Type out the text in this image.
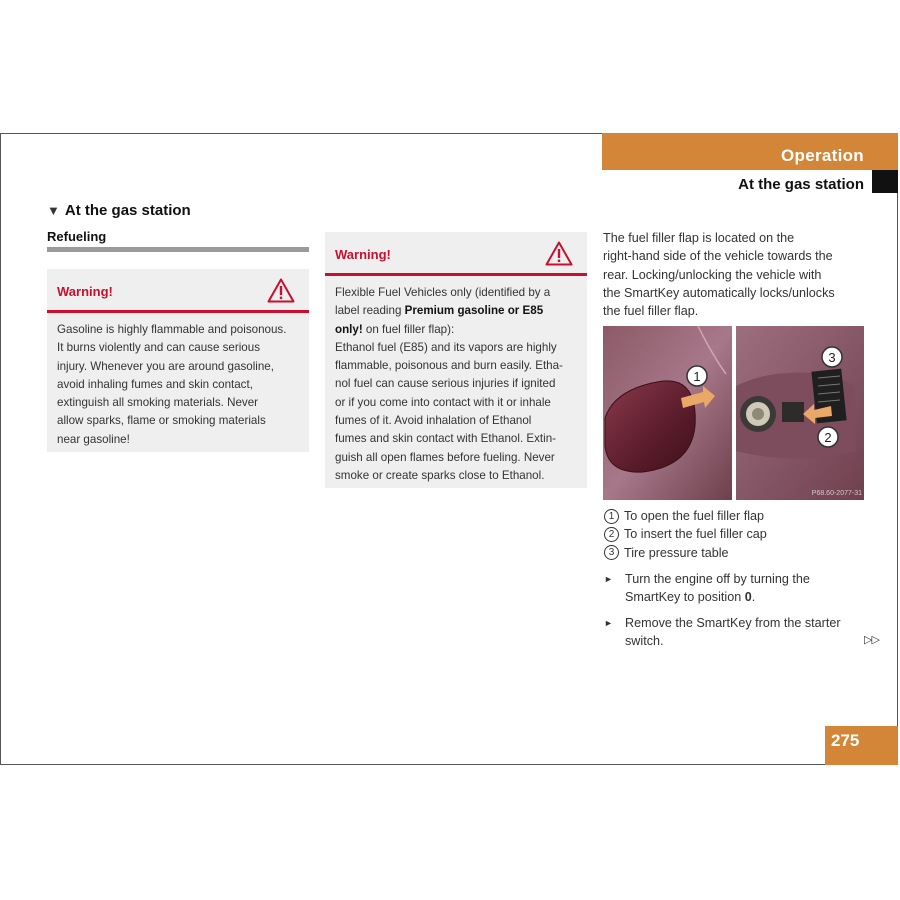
Operation
At the gas station
▼ At the gas station
Refueling
Warning!
Gasoline is highly flammable and poisonous.
It burns violently and can cause serious
injury. Whenever you are around gasoline,
avoid inhaling fumes and skin contact,
extinguish all smoking materials. Never
allow sparks, flame or smoking materials
near gasoline!
Warning!
Flexible Fuel Vehicles only (identified by a
label reading Premium gasoline or E85
only! on fuel filler flap):
Ethanol fuel (E85) and its vapors are highly
flammable, poisonous and burn easily. Etha-
nol fuel can cause serious injuries if ignited
or if you come into contact with it or inhale
fumes of it. Avoid inhalation of Ethanol
fumes and skin contact with Ethanol. Extin-
guish all open flames before fueling. Never
smoke or create sparks close to Ethanol.
The fuel filler flap is located on the
right-hand side of the vehicle towards the
rear. Locking/unlocking the vehicle with
the SmartKey automatically locks/unlocks
the fuel filler flap.
1
3
2
P68.60-2077-31
1 To open the fuel filler flap
2 To insert the fuel filler cap
3 Tire pressure table
► Turn the engine off by turning the
SmartKey to position 0.
► Remove the SmartKey from the starter
switch.	▷▷
275
